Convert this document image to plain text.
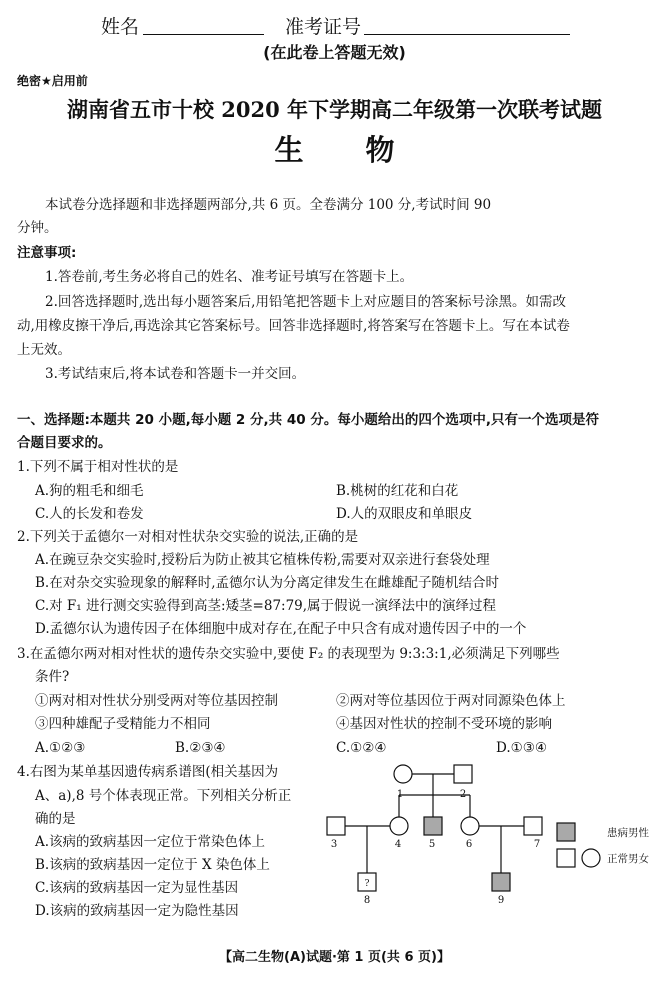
姓名	准考证号
(在此卷上答题无效)
绝密★启用前
湖南省五市十校 2020 年下学期高二年级第一次联考试题
生 物
本试卷分选择题和非选择题两部分,共 6 页。全卷满分 100 分,考试时间 90
分钟。
注意事项:
1.答卷前,考生务必将自己的姓名、准考证号填写在答题卡上。
2.回答选择题时,选出每小题答案后,用铅笔把答题卡上对应题目的答案标号涂黑。如需改
动,用橡皮擦干净后,再选涂其它答案标号。回答非选择题时,将答案写在答题卡上。写在本试卷
上无效。
3.考试结束后,将本试卷和答题卡一并交回。
一、选择题:本题共 20 小题,每小题 2 分,共 40 分。每小题给出的四个选项中,只有一个选项是符
合题目要求的。
1.下列不属于相对性状的是
A.狗的粗毛和细毛	B.桃树的红花和白花
C.人的长发和卷发	D.人的双眼皮和单眼皮
2.下列关于孟德尔一对相对性状杂交实验的说法,正确的是
A.在豌豆杂交实验时,授粉后为防止被其它植株传粉,需要对双亲进行套袋处理
B.在对杂交实验现象的解释时,孟德尔认为分离定律发生在雌雄配子随机结合时
C.对 F₁ 进行测交实验得到高茎:矮茎=87:79,属于假说一演绎法中的演绎过程
D.孟德尔认为遗传因子在体细胞中成对存在,在配子中只含有成对遗传因子中的一个
3.在孟德尔两对相对性状的遗传杂交实验中,要使 F₂ 的表现型为 9:3:3:1,必须满足下列哪些
条件?
①两对相对性状分别受两对等位基因控制	②两对等位基因位于两对同源染色体上
③四种雄配子受精能力不相同	④基因对性状的控制不受环境的影响
A.①②③	B.②③④	C.①②④	D.①③④
4.右图为某单基因遗传病系谱图(相关基因为
A、a),8 号个体表现正常。下列相关分析正
确的是
A.该病的致病基因一定位于常染色体上
B.该病的致病基因一定位于 X 染色体上
C.该病的致病基因一定为显性基因
D.该病的致病基因一定为隐性基因
1	2
3	4	5	6	7
8	9
?
患病男性
正常男女
【高二生物(A)试题·第 1 页(共 6 页)】
